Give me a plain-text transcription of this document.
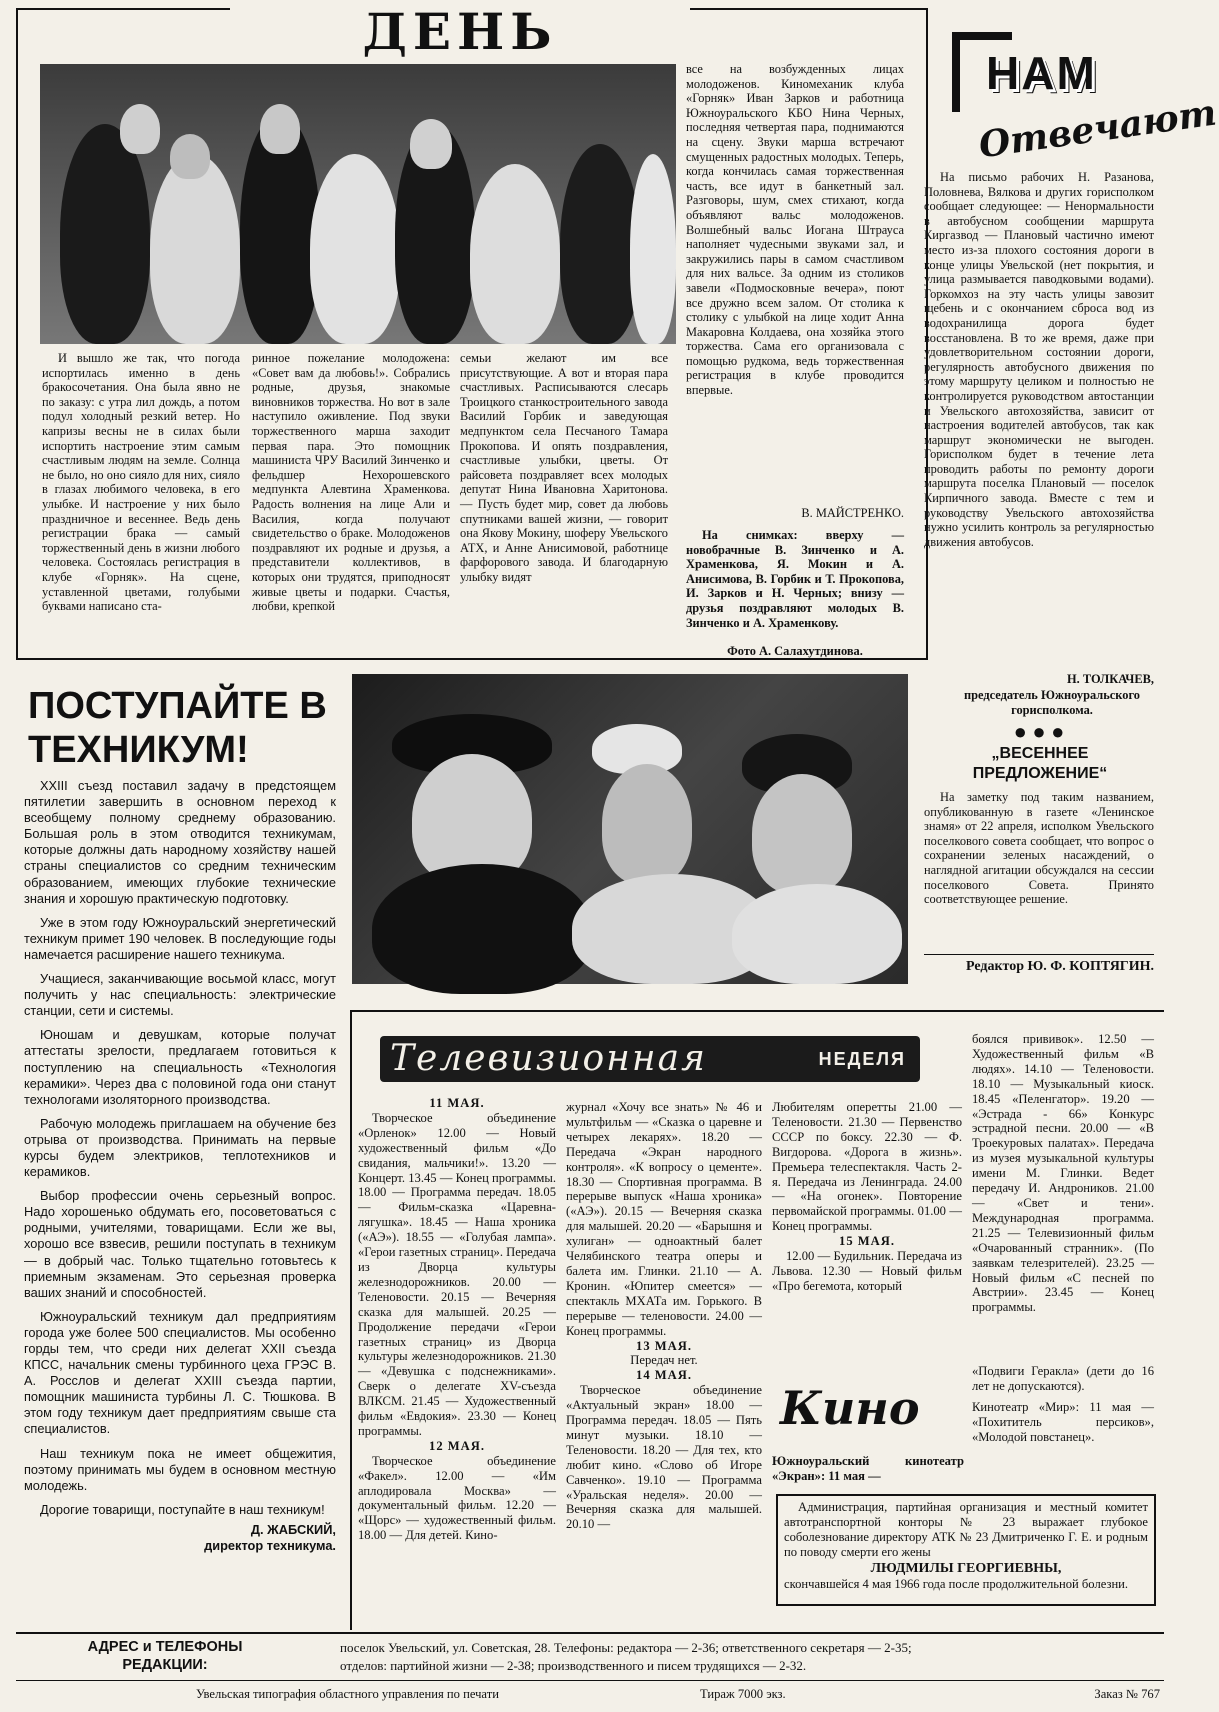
ДЕНЬ
И вышло же так, что погода испортилась именно в день бракосочетания. Она была явно не по заказу: с утра лил дождь, а потом подул холодный резкий ветер. Но капризы весны не в силах были испортить настроение этим самым счастливым людям на земле. Солнца не было, но оно сияло для них, сияло в глазах любимого человека, в его улыбке. И настроение у них было праздничное и весеннее. Ведь день регистрации брака — самый торжественный день в жизни любого человека. Состоялась регистрация в клубе «Горняк». На сцене, уставленной цветами, голубыми буквами написано ста-
ринное пожелание молодожена: «Совет вам да любовь!». Собрались родные, друзья, знакомые виновников торжества. Но вот в зале наступило оживление. Под звуки торжественного марша заходит первая пара. Это помощник машиниста ЧРУ Василий Зинченко и фельдшер Нехорошевского медпункта Алевтина Храменкова. Радость волнения на лице Али и Василия, когда получают свидетельство о браке. Молодоженов поздравляют их родные и друзья, а представители коллективов, в которых они трудятся, приподносят живые цветы и подарки. Счастья, любви, крепкой
семьи желают им все присутствующие. А вот и вторая пара счастливых. Расписываются слесарь Троицкого станкостроительного завода Василий Горбик и заведующая медпунктом села Песчаного Тамара Прокопова. И опять поздравления, счастливые улыбки, цветы. От райсовета поздравляет всех молодых депутат Нина Ивановна Харитонова. — Пусть будет мир, совет да любовь спутниками вашей жизни, — говорит она Якову Мокину, шоферу Увельского АТХ, и Анне Анисимовой, работнице фарфорового завода. И благодарную улыбку видят
все на возбужденных лицах молодоженов. Киномеханик клуба «Горняк» Иван Зарков и работница Южноуральского КБО Нина Черных, последняя четвертая пара, поднимаются на сцену. Звуки марша встречают смущенных радостных молодых. Теперь, когда кончилась самая торжественная часть, все идут в банкетный зал. Разговоры, шум, смех стихают, когда объявляют вальс молодоженов. Волшебный вальс Иогана Штрауса наполняет чудесными звуками зал, и закружились пары в самом счастливом для них вальсе. За одним из столиков завели «Подмосковные вечера», поют все дружно всем залом. От столика к столику с улыбкой на лице ходит Анна Макаровна Колдаева, она хозяйка этого торжества. Сама его организовала с помощью рудкома, ведь торжественная регистрация в клубе проводится впервые.
В. МАЙСТРЕНКО.
На снимках: вверху — новобрачные В. Зинченко и А. Храменкова, Я. Мокин и А. Анисимова, В. Горбик и Т. Прокопова, И. Зарков и Н. Черных; внизу — друзья поздравляют молодых В. Зинченко и А. Храменкову.
Фото А. Салахутдинова.
НАМ
Отвечают
На письмо рабочих Н. Разанова, Половнева, Вялкова и других горисполком сообщает следующее: — Ненормальности в автобусном сообщении маршрута Киргазвод — Плановый частично имеют место из-за плохого состояния дороги в конце улицы Увельской (нет покрытия, и улица размывается паводковыми водами). Горкомхоз на эту часть улицы завозит щебень и с окончанием сброса вод из водохранилища дорога будет восстановлена. В то же время, даже при удовлетворительном состоянии дороги, регулярность автобусного движения по этому маршруту целиком и полностью не контролируется руководством автостанции и Увельского автохозяйства, зависит от настроения водителей автобусов, так как маршрут экономически не выгоден. Горисполком будет в течение лета проводить работы по ремонту дороги маршрута поселка Плановый — поселок Кирпичного завода. Вместе с тем и руководству Увельского автохозяйства нужно усилить контроль за регулярностью движения автобусов.
Н. ТОЛКАЧЕВ,
председатель Южноуральского горисполкома.
● ● ●
„ВЕСЕННЕЕ ПРЕДЛОЖЕНИЕ“
На заметку под таким названием, опубликованную в газете «Ленинское знамя» от 22 апреля, исполком Увельского поселкового совета сообщает, что вопрос о сохранении зеленых насаждений, о наглядной агитации обсуждался на сессии поселкового Совета. Принято соответствующее решение.
Редактор Ю. Ф. КОПТЯГИН.
ПОСТУПАЙТЕ В ТЕХНИКУМ!

XXIII съезд поставил задачу в предстоящем пятилетии завершить в основном переход к всеобщему полному среднему образованию. Большая роль в этом отводится техникумам, которые должны дать народному хозяйству нашей страны специалистов со средним техническим образованием, имеющих глубокие технические знания и хорошую практическую подготовку.

Уже в этом году Южноуральский энергетический техникум примет 190 человек. В последующие годы намечается расширение нашего техникума.

Учащиеся, заканчивающие восьмой класс, могут получить у нас специальность: электрические станции, сети и системы.

Юношам и девушкам, которые получат аттестаты зрелости, предлагаем готовиться к поступлению на специальность «Технология керамики». Через два с половиной года они станут технологами изоляторного производства.

Рабочую молодежь приглашаем на обучение без отрыва от производства. Принимать на первые курсы будем электриков, теплотехников и керамиков.

Выбор профессии очень серьезный вопрос. Надо хорошенько обдумать его, посоветоваться с родными, учителями, товарищами. Если же вы, хорошо все взвесив, решили поступать в техникум — в добрый час. Только тщательно готовьтесь к приемным экзаменам. Это серьезная проверка ваших знаний и способностей.

Южноуральский техникум дал предприятиям города уже более 500 специалистов. Мы особенно горды тем, что среди них делегат XXII съезда КПСС, начальник смены турбинного цеха ГРЭС В. А. Росслов и делегат XXIII съезда партии, помощник машиниста турбины Л. С. Тюшкова. В этом году техникум дает предприятиям свыше ста специалистов.

Наш техникум пока не имеет общежития, поэтому принимать мы будем в основном местную молодежь.

Дорогие товарищи, поступайте в наш техникум!

Д. ЖАБСКИЙ,
директор техникума.
Телевизионная	НЕДЕЛЯ
11 МАЯ.
Творческое объединение «Орленок» 12.00 — Новый художественный фильм «До свидания, мальчики!». 13.20 — Концерт. 13.45 — Конец программы. 18.00 — Программа передач. 18.05 — Фильм-сказка «Царевна-лягушка». 18.45 — Наша хроника («АЭ»). 18.55 — «Голубая лампа». «Герои газетных страниц». Передача из Дворца культуры железнодорожников. 20.00 — Теленовости. 20.15 — Вечерняя сказка для малышей. 20.25 — Продолжение передачи «Герои газетных страниц» из Дворца культуры железнодорожников. 21.30 — «Девушка с подснежниками». Сверк о делегате XV-съезда ВЛКСМ. 21.45 — Художественный фильм «Евдокия». 23.30 — Конец программы.
12 МАЯ.
Творческое объединение «Факел». 12.00 — «Им аплодировала Москва» — документальный фильм. 12.20 — «Щорс» — художественный фильм. 18.00 — Для детей. Кино-
журнал «Хочу все знать» № 46 и мультфильм — «Сказка о царевне и четырех лекарях». 18.20 — Передача «Экран народного контроля». «К вопросу о цементе». 18.30 — Спортивная программа. В перерыве выпуск «Наша хроника» («АЭ»). 20.15 — Вечерняя сказка для малышей. 20.20 — «Барышня и хулиган» — одноактный балет Челябинского театра оперы и балета им. Глинки. 21.10 — А. Кронин. «Юпитер смеется» — спектакль МХАТа им. Горького. В перерыве — теленовости. 24.00 — Конец программы.
13 МАЯ.
Передач нет.
14 МАЯ.
Творческое объединение «Актуальный экран» 18.00 — Программа передач. 18.05 — Пять минут музыки. 18.10 — Теленовости. 18.20 — Для тех, кто любит кино. «Слово об Игоре Савченко». 19.10 — Программа «Уральская неделя». 20.00 — Вечерняя сказка для малышей. 20.10 —
Любителям оперетты 21.00 — Теленовости. 21.30 — Первенство СССР по боксу. 22.30 — Ф. Вигдорова. «Дорога в жизнь». Премьера телеспектакля. Часть 2-я. Передача из Ленинграда. 24.00 — «На огонек». Повторение первомайской программы. 01.00 — Конец программы.
15 МАЯ.
12.00 — Будильник. Передача из Львова. 12.30 — Новый фильм «Про бегемота, который
боялся прививок». 12.50 — Художественный фильм «В людях». 14.10 — Теленовости. 18.10 — Музыкальный киоск. 18.45 «Пеленгатор». 19.20 — «Эстрада - 66» Конкурс эстрадной песни. 20.00 — «В Троекуровых палатах». Передача из музея музыкальной культуры имени М. Глинки. Ведет передачу И. Андроников. 21.00 — «Свет и тени». Международная программа. 21.25 — Телевизионный фильм «Очарованный странник». (По заявкам телезрителей). 23.25 — Новый фильм «С песней по Австрии». 23.45 — Конец программы.
Кино
Южноуральский кинотеатр «Экран»: 11 мая —
«Подвиги Геракла» (дети до 16 лет не допускаются).
Кинотеатр «Мир»: 11 мая — «Похититель персиков», «Молодой повстанец».
Администрация, партийная организация и местный комитет автотранспортной конторы № 23 выражает глубокое соболезнование директору АТК № 23 Дмитриченко Г. Е. и родным по поводу смерти его жены
ЛЮДМИЛЫ ГЕОРГИЕВНЫ,
скончавшейся 4 мая 1966 года после продолжительной болезни.
АДРЕС и ТЕЛЕФОНЫ
РЕДАКЦИИ:
поселок Увельский, ул. Советская, 28. Телефоны: редактора — 2-36; ответственного секретаря — 2-35;
отделов: партийной жизни — 2-38; производственного и писем трудящихся — 2-32.
Увельская типография областного управления по печати	Тираж 7000 экз.	Заказ № 767
